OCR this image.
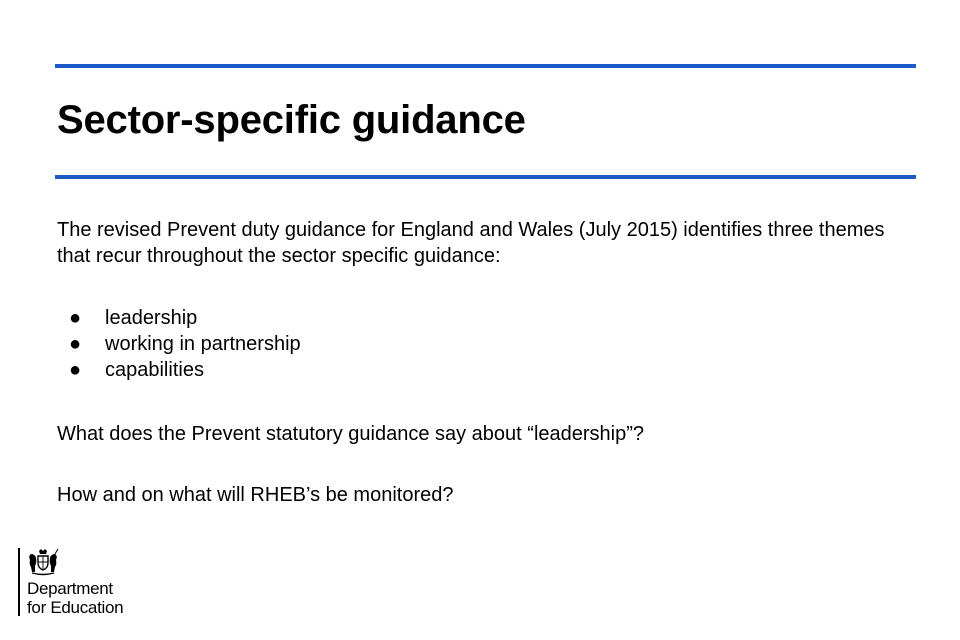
Sector-specific guidance

The revised Prevent duty guidance for England and Wales (July 2015) identifies three themes that recur throughout the sector specific guidance:

● leadership
● working in partnership
● capabilities

What does the Prevent statutory guidance say about “leadership”?

How and on what will RHEB’s be monitored?

Department
for Education
